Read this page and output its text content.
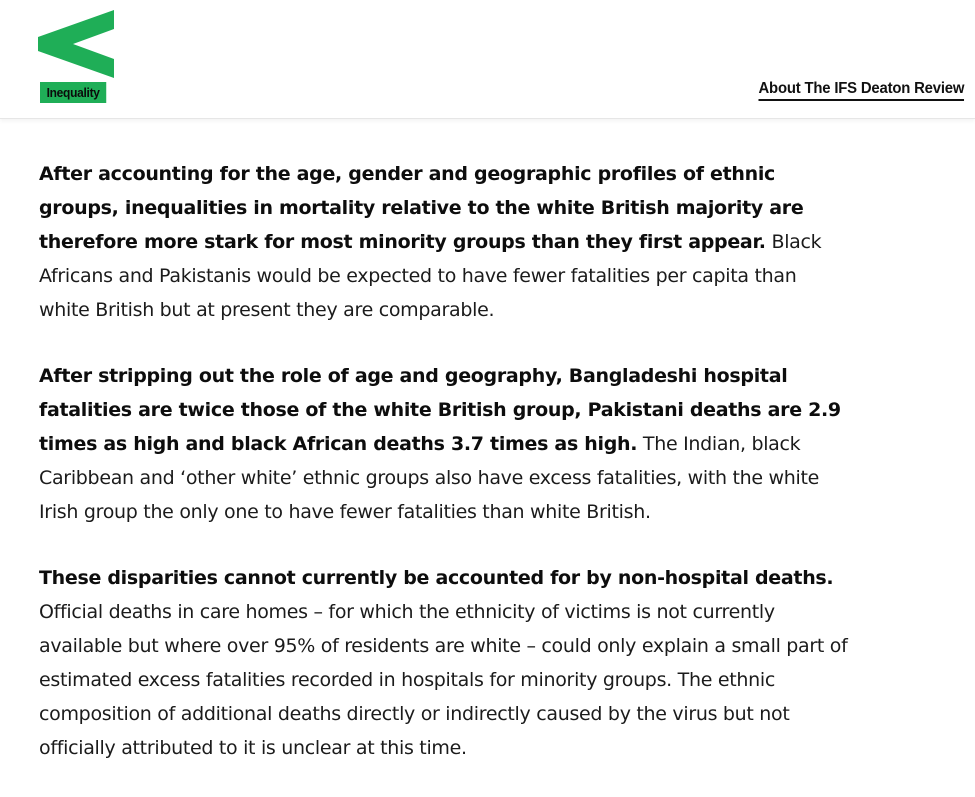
Inequality	About The IFS Deaton Review

After accounting for the age, gender and geographic profiles of ethnic groups, inequalities in mortality relative to the white British majority are therefore more stark for most minority groups than they first appear. Black Africans and Pakistanis would be expected to have fewer fatalities per capita than white British but at present they are comparable.

After stripping out the role of age and geography, Bangladeshi hospital fatalities are twice those of the white British group, Pakistani deaths are 2.9 times as high and black African deaths 3.7 times as high. The Indian, black Caribbean and ‘other white’ ethnic groups also have excess fatalities, with the white Irish group the only one to have fewer fatalities than white British.

These disparities cannot currently be accounted for by non-hospital deaths. Official deaths in care homes – for which the ethnicity of victims is not currently available but where over 95% of residents are white – could only explain a small part of estimated excess fatalities recorded in hospitals for minority groups. The ethnic composition of additional deaths directly or indirectly caused by the virus but not officially attributed to it is unclear at this time.
